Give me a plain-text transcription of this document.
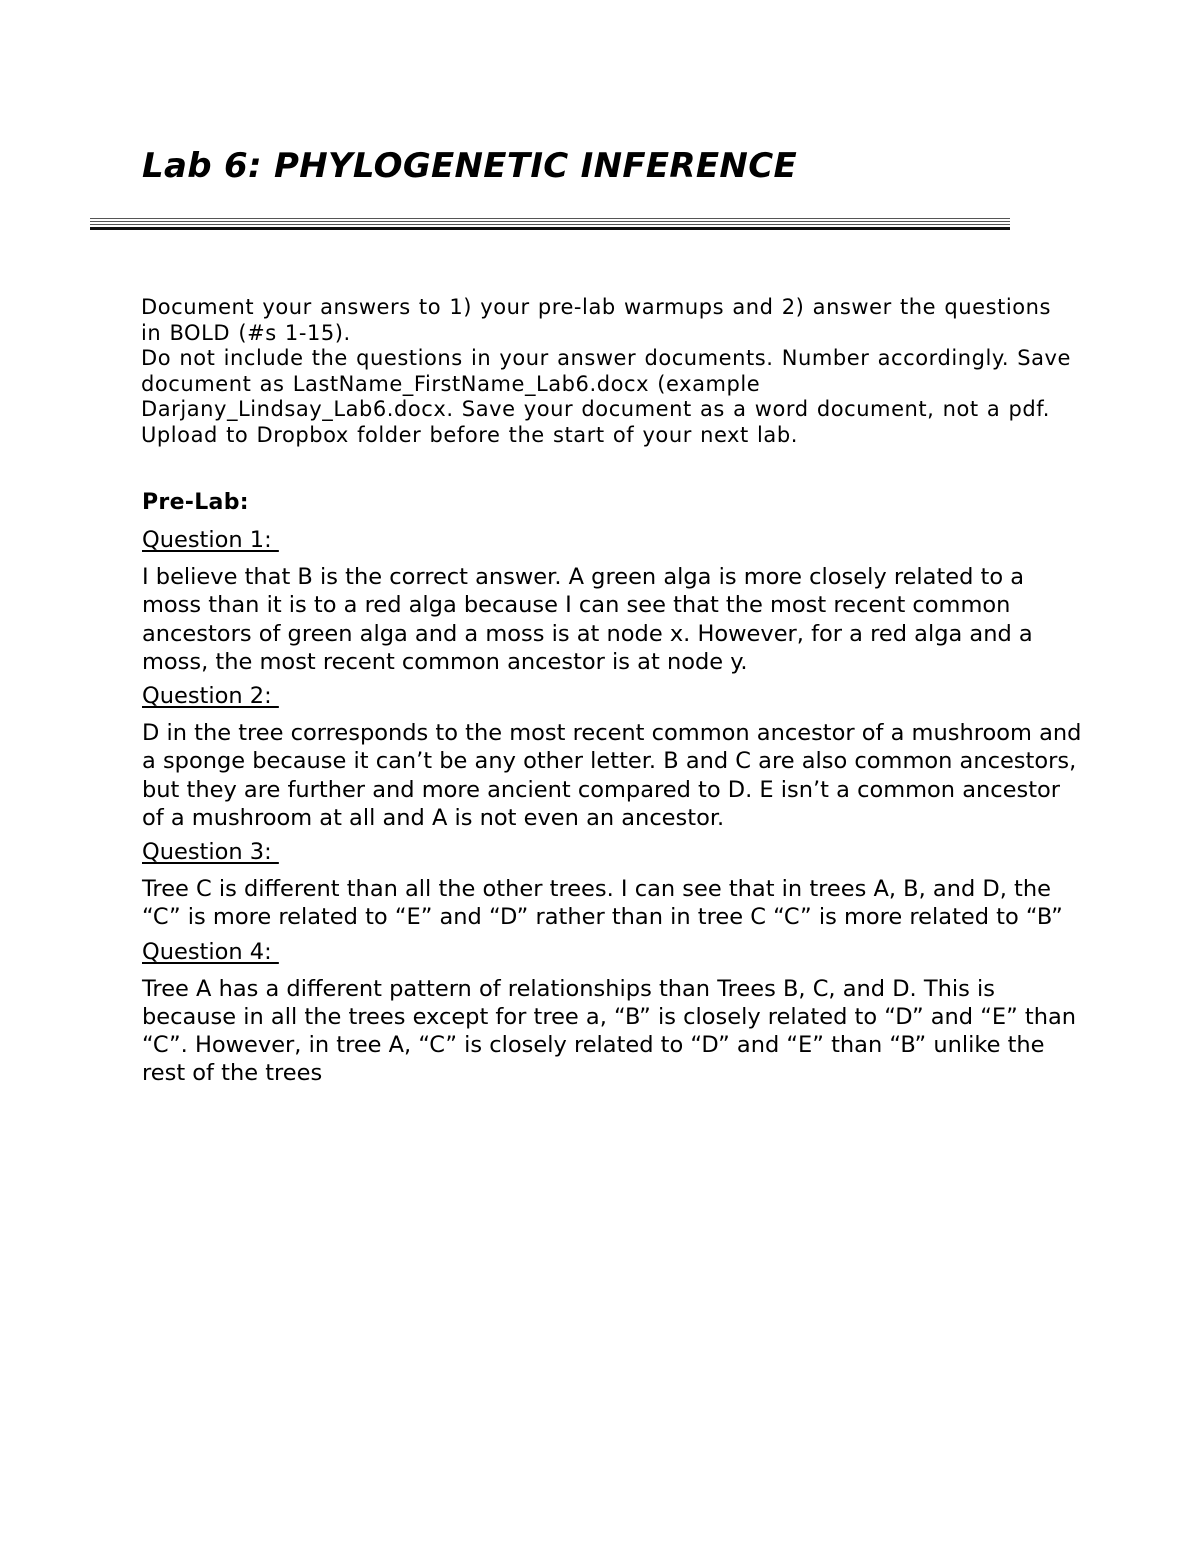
Lab 6: PHYLOGENETIC INFERENCE

Document your answers to 1) your pre-lab warmups and 2) answer the questions in BOLD (#s 1-15).

Do not include the questions in your answer documents. Number accordingly. Save document as LastName_FirstName_Lab6.docx (example Darjany_Lindsay_Lab6.docx. Save your document as a word document, not a pdf. Upload to Dropbox folder before the start of your next lab.

Pre-Lab:

Question 1:

I believe that B is the correct answer. A green alga is more closely related to a moss than it is to a red alga because I can see that the most recent common ancestors of green alga and a moss is at node x. However, for a red alga and a moss, the most recent common ancestor is at node y.

Question 2:

D in the tree corresponds to the most recent common ancestor of a mushroom and a sponge because it can’t be any other letter. B and C are also common ancestors, but they are further and more ancient compared to D. E isn’t a common ancestor of a mushroom at all and A is not even an ancestor.

Question 3:

Tree C is different than all the other trees. I can see that in trees A, B, and D, the “C” is more related to “E” and “D” rather than in tree C “C” is more related to “B”

Question 4:

Tree A has a different pattern of relationships than Trees B, C, and D. This is because in all the trees except for tree a, “B” is closely related to “D” and “E” than “C”. However, in tree A, “C” is closely related to “D” and “E” than “B” unlike the rest of the trees
